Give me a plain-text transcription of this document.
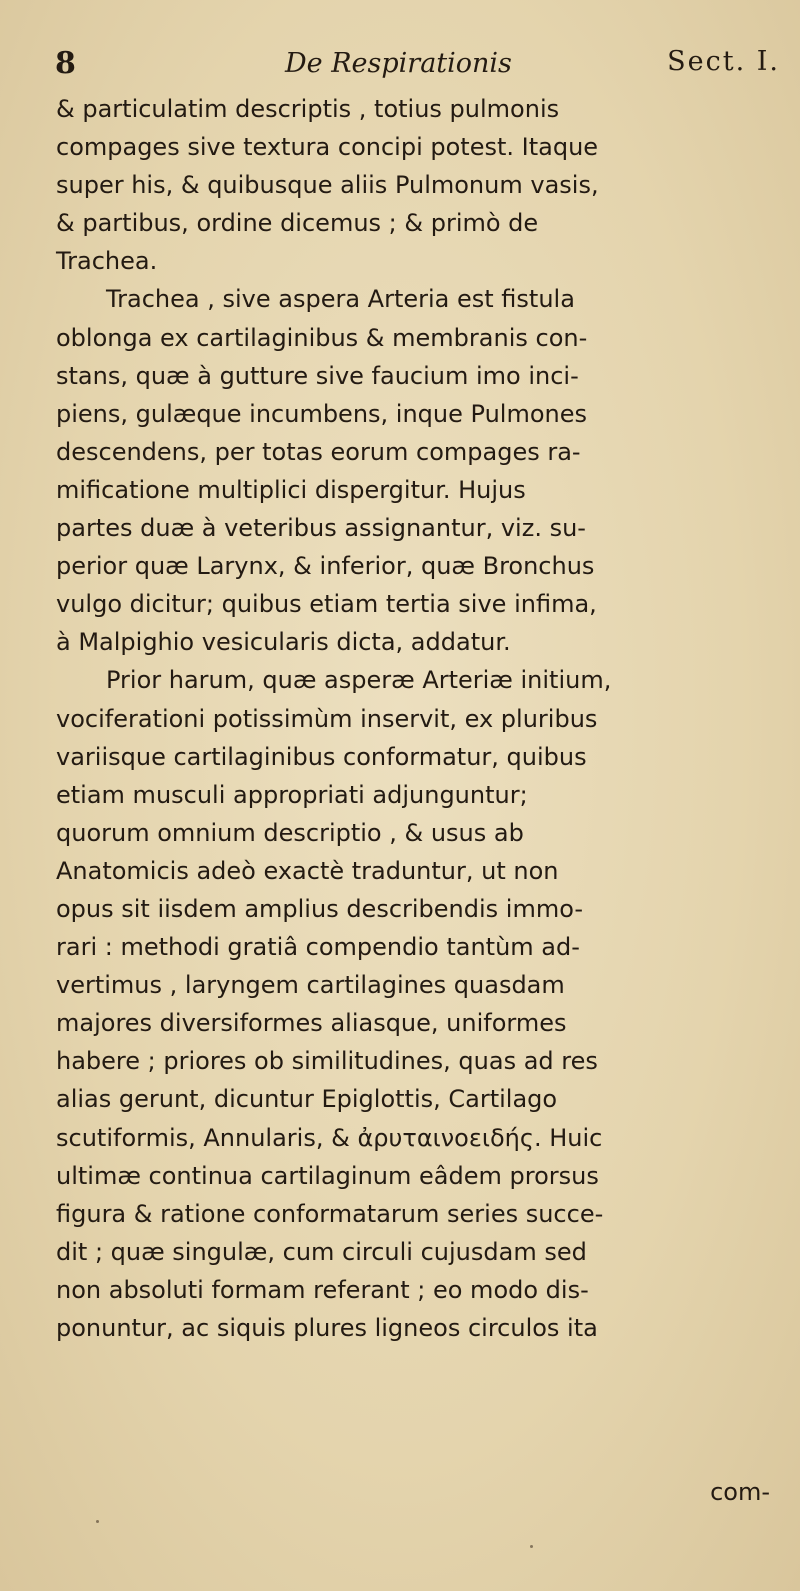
8	De Respirationis	Sect. I.
& particulatim descriptis , totius pulmonis
compages sive textura concipi potest. Itaque
super his, & quibusque aliis Pulmonum vasis,
& partibus, ordine dicemus ; & primò de
Trachea.
Trachea , sive aspera Arteria est fistula
oblonga ex cartilaginibus & membranis con-
stans, quæ à gutture sive faucium imo inci-
piens, gulæque incumbens, inque Pulmones
descendens, per totas eorum compages ra-
mificatione multiplici dispergitur. Hujus
partes duæ à veteribus assignantur, viz. su-
perior quæ Larynx, & inferior, quæ Bronchus
vulgo dicitur; quibus etiam tertia sive infima,
à Malpighio vesicularis dicta, addatur.
Prior harum, quæ asperæ Arteriæ initium,
vociferationi potissimùm inservit, ex pluribus
variisque cartilaginibus conformatur, quibus
etiam musculi appropriati adjunguntur;
quorum omnium descriptio , & usus ab
Anatomicis adeò exactè traduntur, ut non
opus sit iisdem amplius describendis immo-
rari : methodi gratiâ compendio tantùm ad-
vertimus , laryngem cartilagines quasdam
majores diversiformes aliasque, uniformes
habere ; priores ob similitudines, quas ad res
alias gerunt, dicuntur Epiglottis, Cartilago
scutiformis, Annularis, & ἀρυταινοειδής. Huic
ultimæ continua cartilaginum eâdem prorsus
figura & ratione conformatarum series succe-
dit ; quæ singulæ, cum circuli cujusdam sed
non absoluti formam referant ; eo modo dis-
ponuntur, ac siquis plures ligneos circulos ita
com-
